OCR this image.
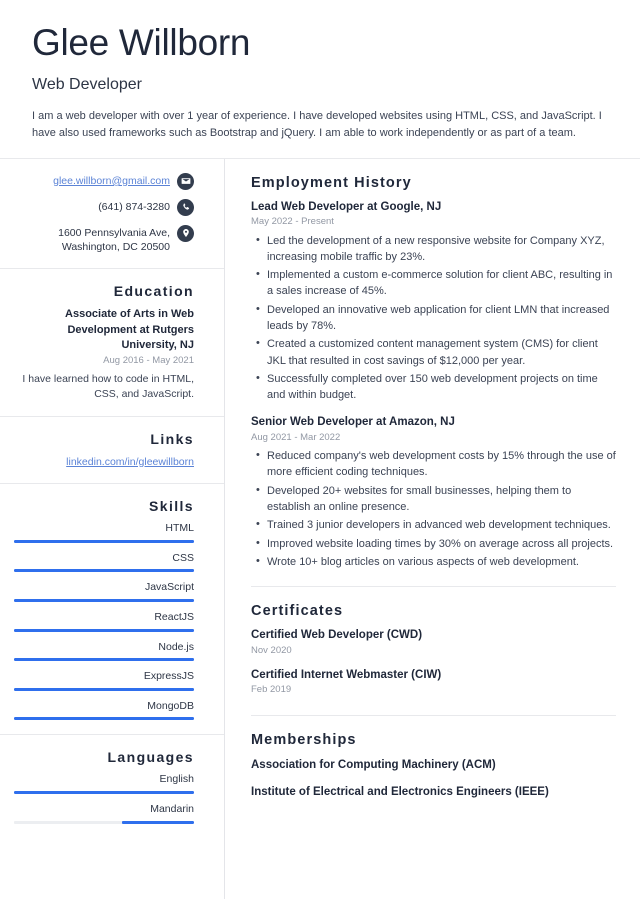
Glee Willborn
Web Developer

I am a web developer with over 1 year of experience. I have developed websites using HTML, CSS, and JavaScript. I have also used frameworks such as Bootstrap and jQuery. I am able to work independently or as part of a team.

glee.willborn@gmail.com
(641) 874-3280
1600 Pennsylvania Ave, Washington, DC 20500
Education
Associate of Arts in Web Development at Rutgers University, NJ
Aug 2016 - May 2021
I have learned how to code in HTML, CSS, and JavaScript.
Links
linkedin.com/in/gleewillborn
Skills
HTML
CSS
JavaScript
ReactJS
Node.js
ExpressJS
MongoDB
Languages
English
Mandarin
Employment History
Lead Web Developer at Google, NJ
May 2022 - Present
• Led the development of a new responsive website for Company XYZ, increasing mobile traffic by 23%.
• Implemented a custom e-commerce solution for client ABC, resulting in a sales increase of 45%.
• Developed an innovative web application for client LMN that increased leads by 78%.
• Created a customized content management system (CMS) for client JKL that resulted in cost savings of $12,000 per year.
• Successfully completed over 150 web development projects on time and within budget.
Senior Web Developer at Amazon, NJ
Aug 2021 - Mar 2022
• Reduced company's web development costs by 15% through the use of more efficient coding techniques.
• Developed 20+ websites for small businesses, helping them to establish an online presence.
• Trained 3 junior developers in advanced web development techniques.
• Improved website loading times by 30% on average across all projects.
• Wrote 10+ blog articles on various aspects of web development.
Certificates
Certified Web Developer (CWD)
Nov 2020
Certified Internet Webmaster (CIW)
Feb 2019
Memberships
Association for Computing Machinery (ACM)
Institute of Electrical and Electronics Engineers (IEEE)
